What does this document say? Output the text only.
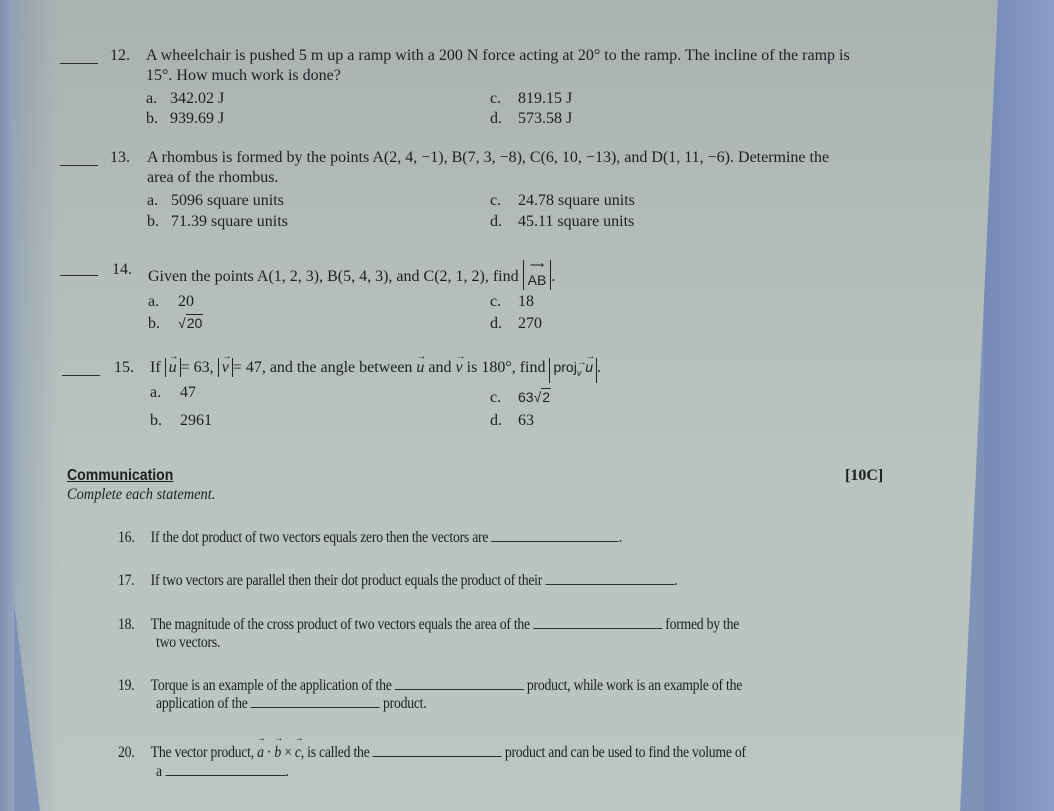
12. A wheelchair is pushed 5 m up a ramp with a 200 N force acting at 20° to the ramp. The incline of the ramp is
15°. How much work is done?
a. 342.02 J
b. 939.69 J
c. 819.15 J
d. 573.58 J
13. A rhombus is formed by the points A(2, 4, −1), B(7, 3, −8), C(6, 10, −13), and D(1, 11, −6). Determine the
area of the rhombus.
a. 5096 square units
b. 71.39 square units
c. 24.78 square units
d. 45.11 square units
14. Given the points A(1, 2, 3), B(5, 4, 3), and C(2, 1, 2), find
⟶
AB .
a. 20
b. √20
c. 18
d. 270
15. If → u = 63, → v = 47, and the angle between → u and → v is 180°, find proj→ $_v$ → u .
a. 47
b. 2961
c. 63√2
d. 63
Communication
Complete each statement.
[10C]
16. If the dot product of two vectors equals zero then the vectors are	.
17. If two vectors are parallel then their dot product equals the product of their	.
18. The magnitude of the cross product of two vectors equals the area of the	formed by the
two vectors.
19. Torque is an example of the application of the	product, while work is an example of the
application of the	product.
20. The vector product, → a · → b × → c, is called the	product and can be used to find the volume of
a	.
